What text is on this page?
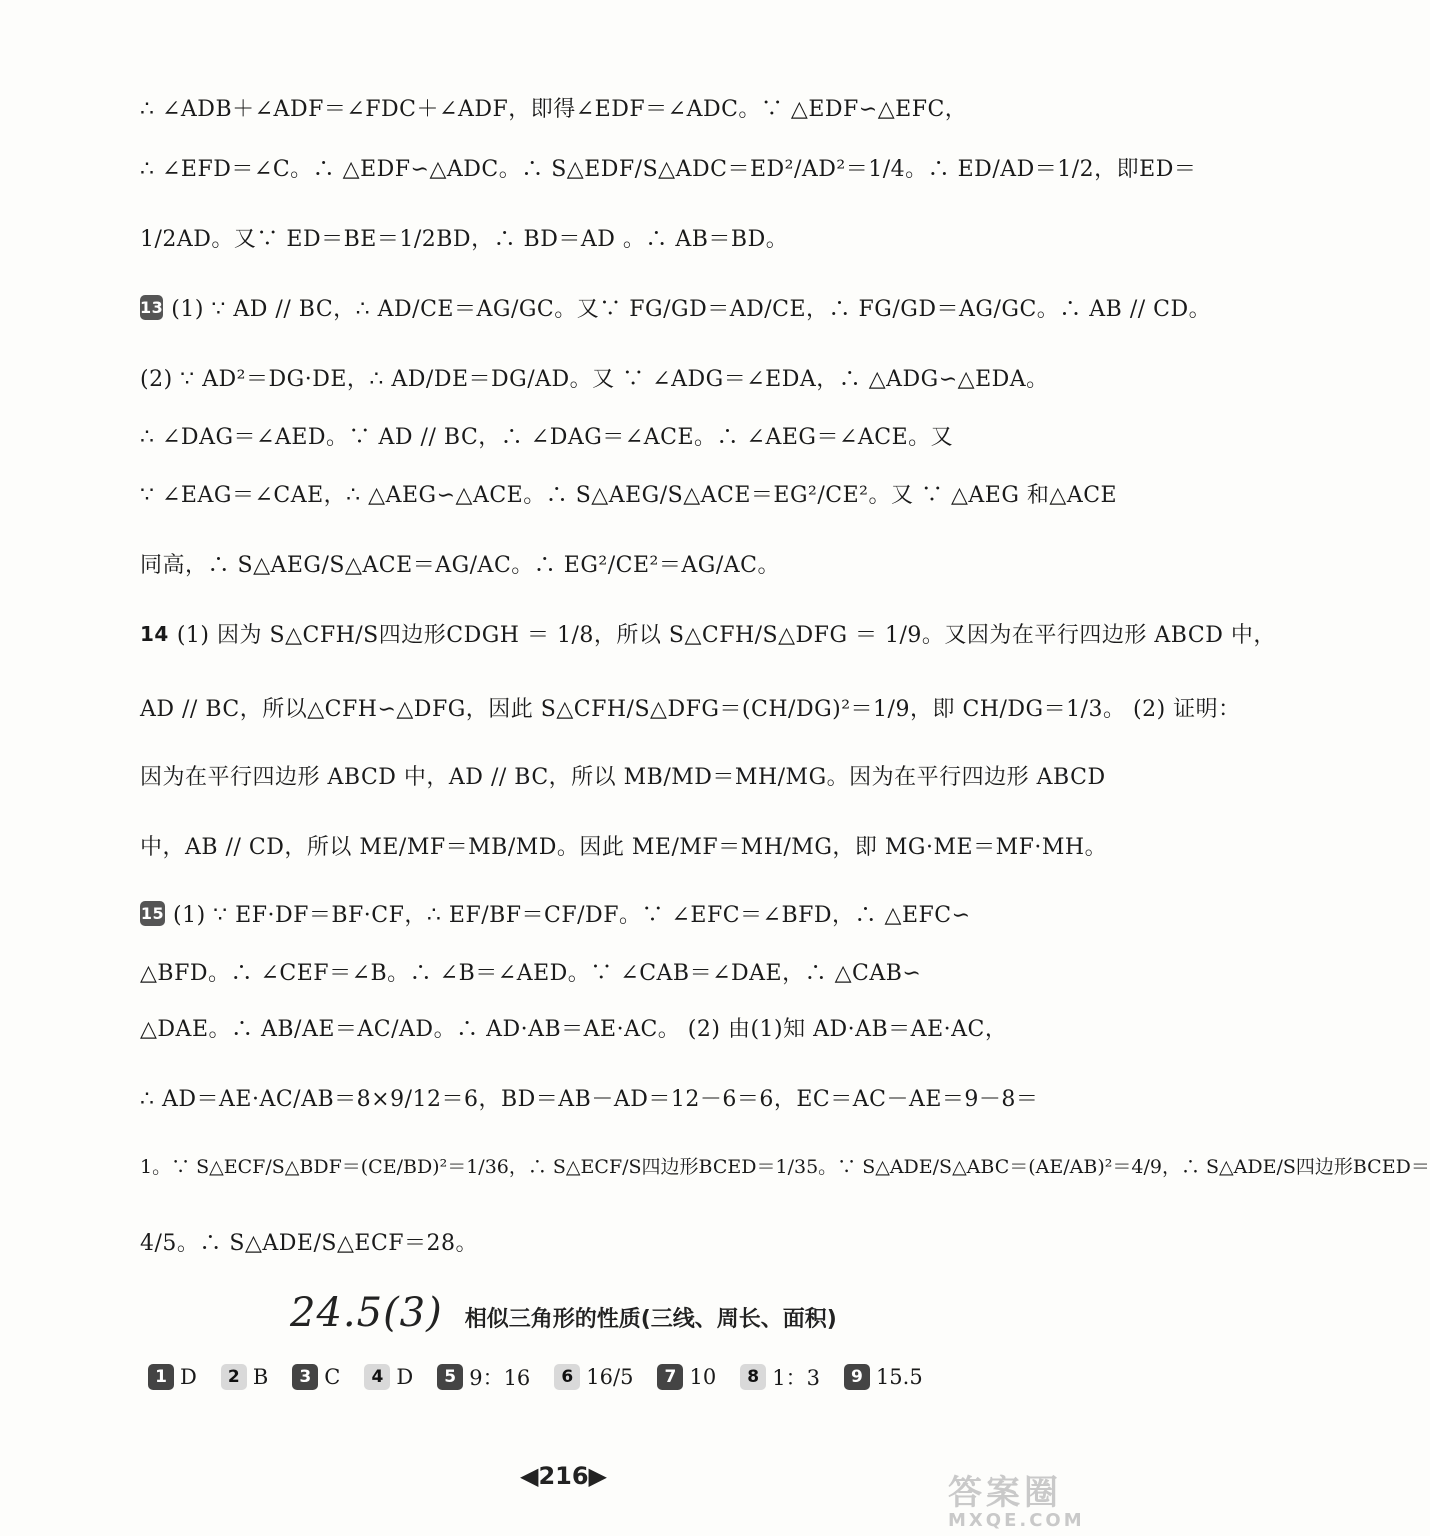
∴ ∠ADB＋∠ADF＝∠FDC＋∠ADF，即得∠EDF＝∠ADC。∵ △EDF∽△EFC，
∴ ∠EFD＝∠C。∴ △EDF∽△ADC。∴ S△EDF/S△ADC＝ED²/AD²＝1/4。∴ ED/AD＝1/2，即ED＝
1/2AD。又∵ ED＝BE＝1/2BD，∴ BD＝AD 。∴ AB＝BD。
13 (1) ∵ AD // BC，∴ AD/CE＝AG/GC。又∵ FG/GD＝AD/CE，∴ FG/GD＝AG/GC。∴ AB // CD。
(2) ∵ AD²＝DG·DE，∴ AD/DE＝DG/AD。又 ∵ ∠ADG＝∠EDA，∴ △ADG∽△EDA。
∴ ∠DAG＝∠AED。∵ AD // BC，∴ ∠DAG＝∠ACE。∴ ∠AEG＝∠ACE。又
∵ ∠EAG＝∠CAE，∴ △AEG∽△ACE。∴ S△AEG/S△ACE＝EG²/CE²。又 ∵ △AEG 和△ACE
同高，∴ S△AEG/S△ACE＝AG/AC。∴ EG²/CE²＝AG/AC。
14 (1) 因为 S△CFH/S四边形CDGH ＝ 1/8，所以 S△CFH/S△DFG ＝ 1/9。又因为在平行四边形 ABCD 中，
AD // BC，所以△CFH∽△DFG，因此 S△CFH/S△DFG＝(CH/DG)²＝1/9，即 CH/DG＝1/3。 (2) 证明：
因为在平行四边形 ABCD 中，AD // BC，所以 MB/MD＝MH/MG。因为在平行四边形 ABCD
中，AB // CD，所以 ME/MF＝MB/MD。因此 ME/MF＝MH/MG，即 MG·ME＝MF·MH。
15 (1) ∵ EF·DF＝BF·CF，∴ EF/BF＝CF/DF。∵ ∠EFC＝∠BFD，∴ △EFC∽
△BFD。∴ ∠CEF＝∠B。∴ ∠B＝∠AED。∵ ∠CAB＝∠DAE，∴ △CAB∽
△DAE。∴ AB/AE＝AC/AD。∴ AD·AB＝AE·AC。 (2) 由(1)知 AD·AB＝AE·AC，
∴ AD＝AE·AC/AB＝8×9/12＝6，BD＝AB－AD＝12－6＝6，EC＝AC－AE＝9－8＝
1。∵ S△ECF/S△BDF＝(CE/BD)²＝1/36，∴ S△ECF/S四边形BCED＝1/35。∵ S△ADE/S△ABC＝(AE/AB)²＝4/9，∴ S△ADE/S四边形BCED＝
4/5。∴ S△ADE/S△ECF＝28。
24.5(3) 相似三角形的性质(三线、周长、面积)
1 D	2 B	3 C	4 D	5 9：16	6 16/5	7 10	8 1：3	9 15.5
◀216▶	答案圈
MXQE.COM
